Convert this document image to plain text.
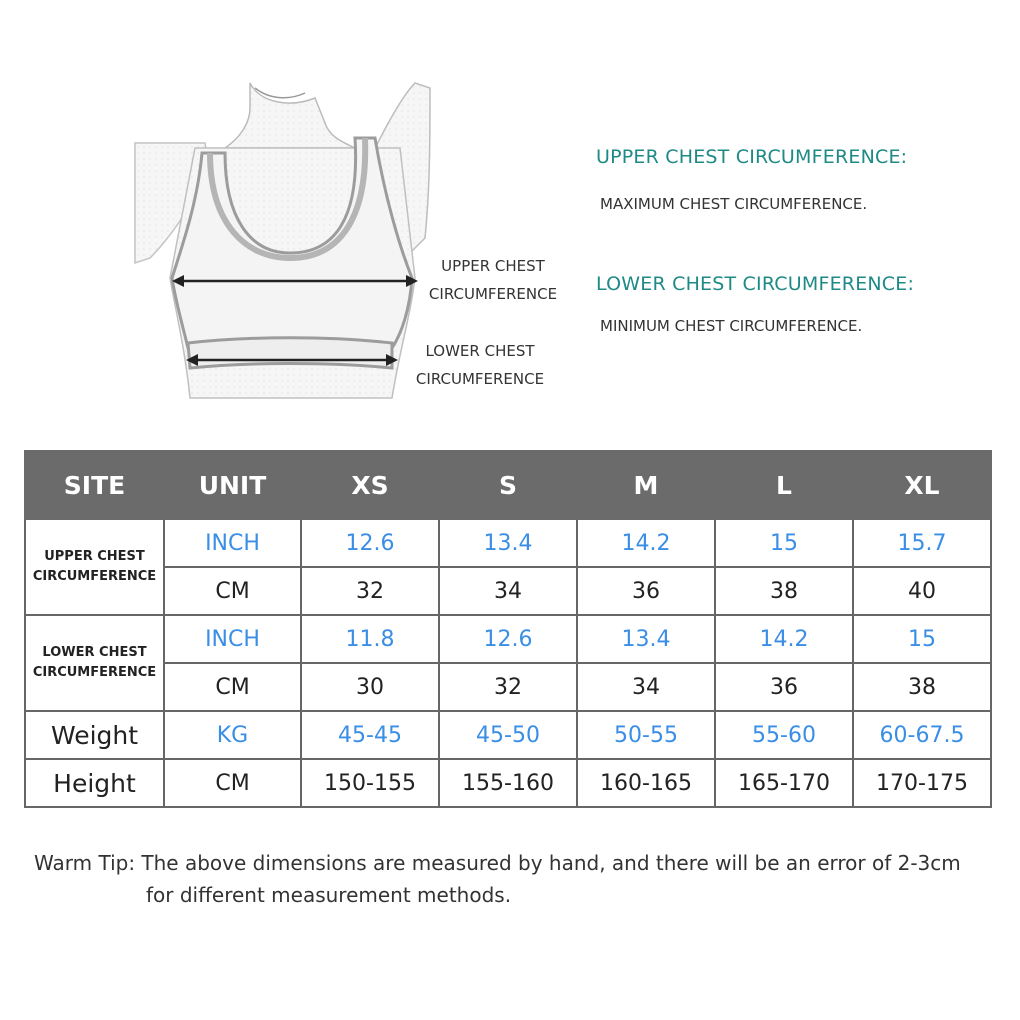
UPPER CHEST
CIRCUMFERENCE
LOWER CHEST
CIRCUMFERENCE
UPPER CHEST CIRCUMFERENCE:
MAXIMUM CHEST CIRCUMFERENCE.
LOWER CHEST CIRCUMFERENCE:
MINIMUM CHEST CIRCUMFERENCE.
SITE	UNIT	XS	S	M	L	XL

UPPER CHEST
CIRCUMFERENCE	INCH	12.6	13.4	14.2	15	15.7
	CM	32	34	36	38	40

LOWER CHEST
CIRCUMFERENCE	INCH	11.8	12.6	13.4	14.2	15
	CM	30	32	34	36	38
Weight	KG	45-45	45-50	50-55	55-60	60-67.5
Height	CM	150-155	155-160	160-165	165-170	170-175
Warm Tip: The above dimensions are measured by hand, and there will be an error of 2-3cm
for different measurement methods.
